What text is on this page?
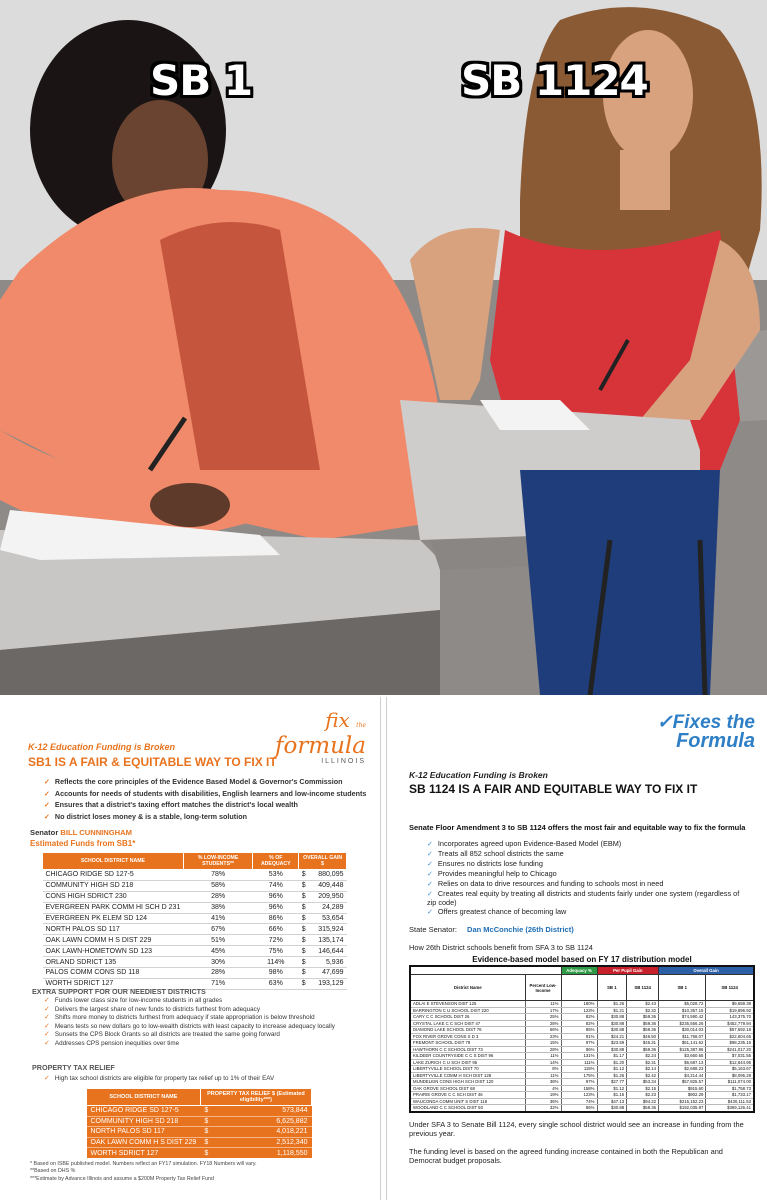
SB 1	SB 1124
fix the
formula
ILLINOIS
K-12 Education Funding is Broken
SB1 IS A FAIR & EQUITABLE WAY TO FIX IT
✓ Reflects the core principles of the Evidence Based Model & Governor's Commission
✓ Accounts for needs of students with disabilities, English learners and low-income students
✓ Ensures that a district's taxing effort matches the district's local wealth
✓ No district loses money & is a stable, long-term solution
Senator BILL CUNNINGHAM
Estimated Funds from SB1*
SCHOOL DISTRICT NAME	% LOW-INCOME STUDENTS**	% OF ADEQUACY	OVERALL GAIN $	
CHICAGO RIDGE SD 127-5	78%	53%	$	880,095
COMMUNITY HIGH SD 218	58%	74%	$	409,448
CONS HIGH SDRICT 230	28%	96%	$	209,950
EVERGREEN PARK COMM HI SCH D 231	38%	96%	$	24,289
EVERGREEN PK ELEM SD 124	41%	86%	$	53,654
NORTH PALOS SD 117	67%	66%	$	315,924
OAK LAWN COMM H S DIST 229	51%	72%	$	135,174
OAK LAWN-HOMETOWN SD 123	45%	75%	$	146,644
ORLAND SDRICT 135	30%	114%	$	5,936
PALOS COMM CONS SD 118	28%	98%	$	47,699
WORTH SDRICT 127	71%	63%	$	193,129
EXTRA SUPPORT FOR OUR NEEDIEST DISTRICTS
✓ Funds lower class size for low-income students in all grades
✓ Delivers the largest share of new funds to districts furthest from adequacy
✓ Shifts more money to districts furthest from adequacy if state appropriation is below threshold
✓ Means tests so new dollars go to low-wealth districts with least capacity to increase adequacy locally
✓ Sunsets the CPS Block Grants so all districts are treated the same going forward
✓ Addresses CPS pension inequities over time
PROPERTY TAX RELIEF
✓ High tax school districts are eligible for property tax relief up to 1% of their EAV
SCHOOL DISTRICT NAME	PROPERTY TAX RELIEF $ (Estimated eligibility***)	
CHICAGO RIDGE SD 127-5	$	573,844
COMMUNITY HIGH SD 218	$	6,625,882
NORTH PALOS SD 117	$	4,018,221
OAK LAWN COMM H S DIST 229	$	2,512,340
WORTH SDRICT 127	$	1,118,550
* Based on ISBE published model. Numbers reflect an FY17 simulation. FY18 Numbers will vary.
**Based on DHS %
***Estimate by Advance Illinois and assume a $200M Property Tax Relief Fund
✓Fixes the
Formula
K-12 Education Funding is Broken
SB 1124 IS A FAIR AND EQUITABLE WAY TO FIX IT
Senate Floor Amendment 3 to SB 1124 offers the most fair and equitable way to fix the formula
✓ Incorporates agreed upon Evidence-Based Model (EBM)
✓ Treats all 852 school districts the same
✓ Ensures no districts lose funding
✓ Provides meaningful help to Chicago
✓ Relies on data to drive resources and funding to schools most in need
✓ Creates real equity by treating all districts and students fairly under one system (regardless of zip code)
✓ Offers greatest chance of becoming law
State Senator: Dan McConchie (26th District)
How 26th District schools benefit from SFA 3 to SB 1124
Evidence-based model based on FY 17 distribution model
		Adequacy %	Per Pupil Gain		Overall Gain	
District Name	Percent Low-Income		SB 1	SB 1124	SB 1	SB 1124
ADLAI E STEVENSON DIST 125	11%	180%	$1.26	$2.43	$5,028.72	$9,659.39
BARRINGTON C U SCHOOL DIST 220	17%	123%	$1.21	$2.32	$10,357.15	$19,896.92
CARY C C SCHOOL DIST 26	25%	82%	$30.88	$59.36	$74,590.42	143,375.70
CRYSTAL LAKE C C SCH DIST 47	28%	82%	$30.88	$59.36	$235,556.26	$452,779.94
DIAMOND LAKE SCHOOL DIST 76	66%	85%	$30.88	$59.36	$30,014.03	$57,692.18
FOX RIVER GROVE CONS S D 3	23%	91%	$24.21	$46.50	$11,768.07	$22,604.65
FREMONT SCHOOL DIST 79	15%	97%	$23.59	$45.31	$51,141.62	$98,235.16
HAWTHORN C C SCHOOL DIST 73	28%	86%	$30.88	$59.36	$125,387.86	$241,017.20
KILDEER COUNTRYSIDE C C S DIST 96	11%	131%	$1.17	$2.24	$3,660.65	$7,031.55
LAKE ZURICH C U SCH DIST 95	14%	111%	$1.20	$2.31	$6,687.13	$12,844.95
LIBERTYVILLE SCHOOL DIST 70	8%	115%	$1.12	$2.14	$2,688.23	$5,163.67
LIBERTYVILLE COMM H SCH DIST 128	11%	175%	$1.26	$2.42	$4,214.44	$8,095.28
MUNDELEIN CONS HIGH SCH DIST 120	38%	97%	$27.77	$53.34	$57,825.57	$111,074.00
OAK GROVE SCHOOL DIST 68	4%	158%	$1.12	$2.15	$915.60	$1,758.73
PRAIRIE GROVE C C SCH DIST 46	19%	123%	$1.16	$2.23	$902.29	$1,733.17
WAUCONDA COMM UNIT S DIST 118	36%	74%	$47.13	$94.22	$215,152.23	$430,111.53
WOODLAND C C SCHOOL DIST 50	32%	86%	$30.88	$59.36	$192,035.97	$369,126.41
Under SFA 3 to Senate Bill 1124, every single school district would see an increase in funding from the previous year.
The funding level is based on the agreed funding increase contained in both the Republican and Democrat budget proposals.
